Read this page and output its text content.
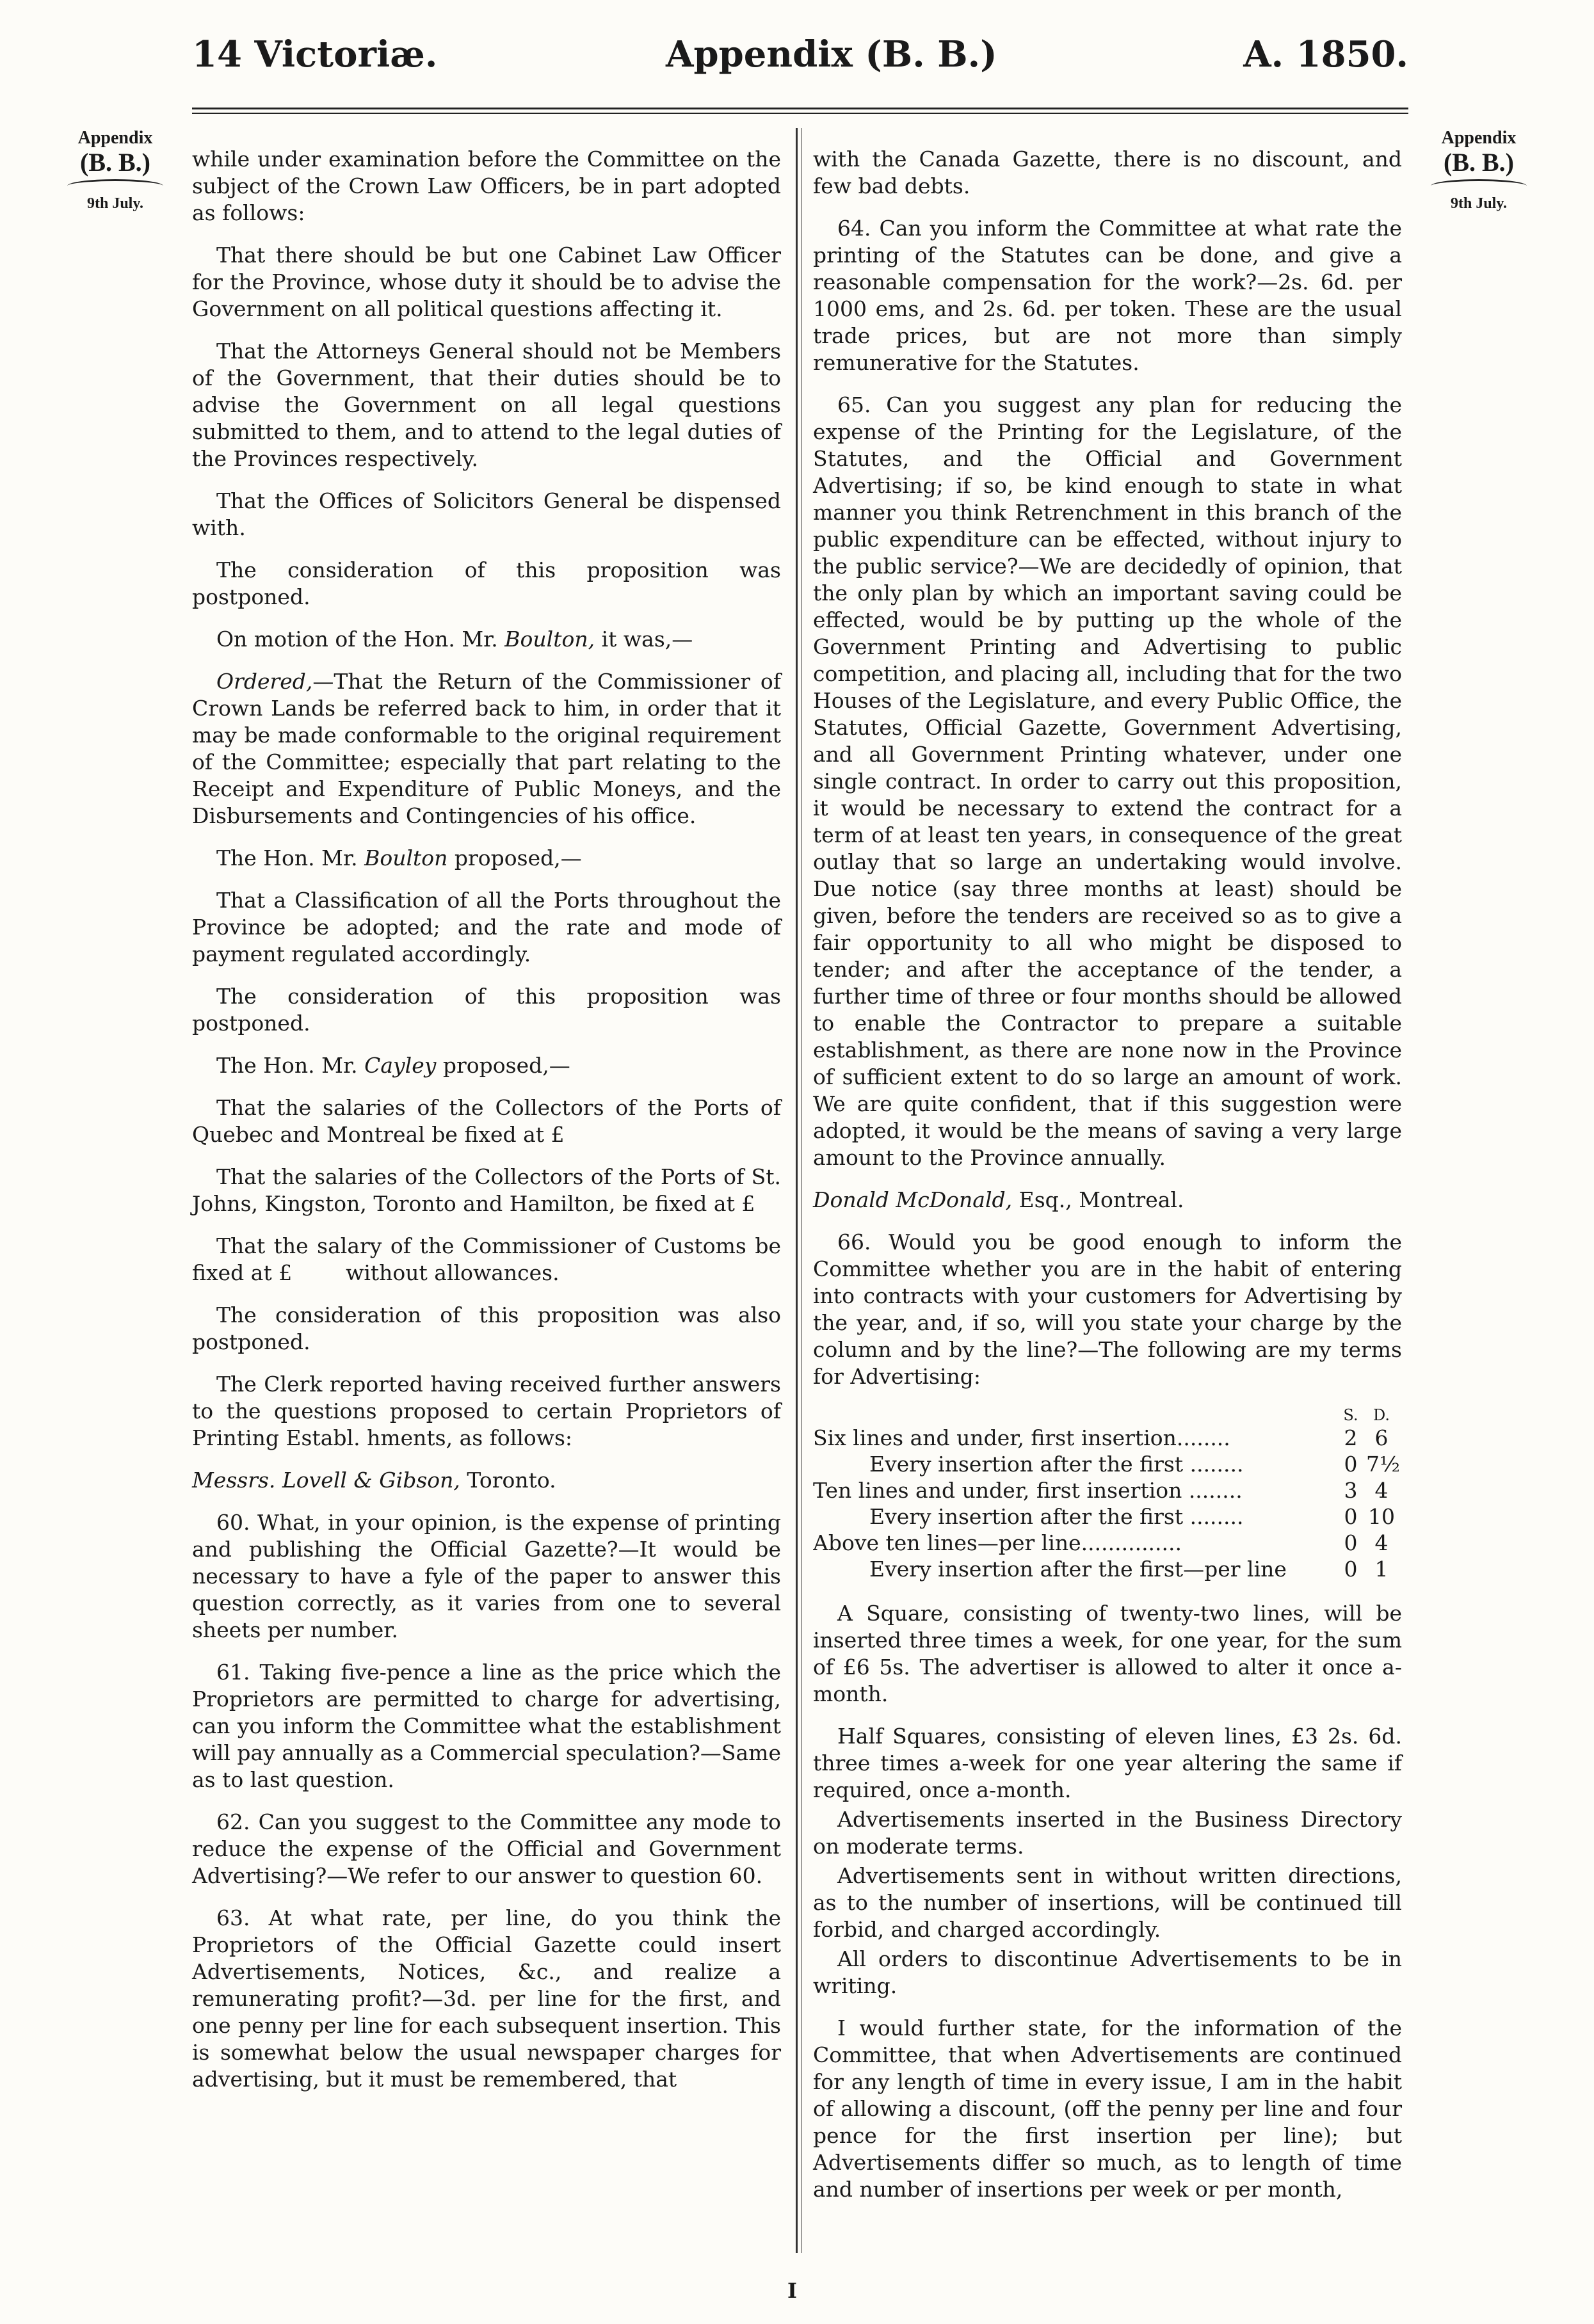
14 Victoriæ.	Appendix (B. B.)	A. 1850.
Appendix
(B. B.)
9th July.
Appendix
(B. B.)
9th July.

while under examination before the Committee on the subject of the Crown Law Officers, be in part adopted as follows:

That there should be but one Cabinet Law Officer for the Province, whose duty it should be to advise the Government on all political questions affecting it.

That the Attorneys General should not be Members of the Government, that their duties should be to advise the Government on all legal questions submitted to them, and to attend to the legal duties of the Provinces respectively.

That the Offices of Solicitors General be dispensed with.

The consideration of this proposition was postponed.

On motion of the Hon. Mr. Boulton, it was,—

Ordered,—That the Return of the Commissioner of Crown Lands be referred back to him, in order that it may be made conformable to the original requirement of the Committee; especially that part relating to the Receipt and Expenditure of Public Moneys, and the Disbursements and Contingencies of his office.

The Hon. Mr. Boulton proposed,—

That a Classification of all the Ports throughout the Province be adopted; and the rate and mode of payment regulated accordingly.

The consideration of this proposition was postponed.

The Hon. Mr. Cayley proposed,—

That the salaries of the Collectors of the Ports of Quebec and Montreal be fixed at £

That the salaries of the Collectors of the Ports of St. Johns, Kingston, Toronto and Hamilton, be fixed at £

That the salary of the Commissioner of Customs be fixed at £        without allowances.

The consideration of this proposition was also postponed.

The Clerk reported having received further answers to the questions proposed to certain Proprietors of Printing Establ. hments, as follows:

Messrs. Lovell & Gibson, Toronto.

60. What, in your opinion, is the expense of printing and publishing the Official Gazette?—It would be necessary to have a fyle of the paper to answer this question correctly, as it varies from one to several sheets per number.

61. Taking five-pence a line as the price which the Proprietors are permitted to charge for advertising, can you inform the Committee what the establishment will pay annually as a Commercial speculation?—Same as to last question.

62. Can you suggest to the Committee any mode to reduce the expense of the Official and Government Advertising?—We refer to our answer to question 60.

63. At what rate, per line, do you think the Proprietors of the Official Gazette could insert Advertisements, Notices, &c., and realize a remunerating profit?—3d. per line for the first, and one penny per line for each subsequent insertion. This is somewhat below the usual newspaper charges for advertising, but it must be remembered, that

with the Canada Gazette, there is no discount, and few bad debts.

64. Can you inform the Committee at what rate the printing of the Statutes can be done, and give a reasonable compensation for the work?—2s. 6d. per 1000 ems, and 2s. 6d. per token. These are the usual trade prices, but are not more than simply remunerative for the Statutes.

65. Can you suggest any plan for reducing the expense of the Printing for the Legislature, of the Statutes, and the Official and Government Advertising; if so, be kind enough to state in what manner you think Retrenchment in this branch of the public expenditure can be effected, without injury to the public service?—We are decidedly of opinion, that the only plan by which an important saving could be effected, would be by putting up the whole of the Government Printing and Advertising to public competition, and placing all, including that for the two Houses of the Legislature, and every Public Office, the Statutes, Official Gazette, Government Advertising, and all Government Printing whatever, under one single contract. In order to carry out this proposition, it would be necessary to extend the contract for a term of at least ten years, in consequence of the great outlay that so large an undertaking would involve. Due notice (say three months at least) should be given, before the tenders are received so as to give a fair opportunity to all who might be disposed to tender; and after the acceptance of the tender, a further time of three or four months should be allowed to enable the Contractor to prepare a suitable establishment, as there are none now in the Province of sufficient extent to do so large an amount of work. We are quite confident, that if this suggestion were adopted, it would be the means of saving a very large amount to the Province annually.

Donald McDonald, Esq., Montreal.

66. Would you be good enough to inform the Committee whether you are in the habit of entering into contracts with your customers for Advertising by the year, and, if so, will you state your charge by the column and by the line?—The following are my terms for Advertising:

S. D.
Six lines and under, first insertion........	2 6
Every insertion after the first ........	0 7½
Ten lines and under, first insertion ........	3 4
Every insertion after the first ........	0 10
Above ten lines—per line...............	0 4
Every insertion after the first—per line	0 1

A Square, consisting of twenty-two lines, will be inserted three times a week, for one year, for the sum of £6 5s. The advertiser is allowed to alter it once a-month.

Half Squares, consisting of eleven lines, £3 2s. 6d. three times a-week for one year altering the same if required, once a-month.

Advertisements inserted in the Business Directory on moderate terms.

Advertisements sent in without written directions, as to the number of insertions, will be continued till forbid, and charged accordingly.

All orders to discontinue Advertisements to be in writing.

I would further state, for the information of the Committee, that when Advertisements are continued for any length of time in every issue, I am in the habit of allowing a discount, (off the penny per line and four pence for the first insertion per line); but Advertisements differ so much, as to length of time and number of insertions per week or per month,

I
